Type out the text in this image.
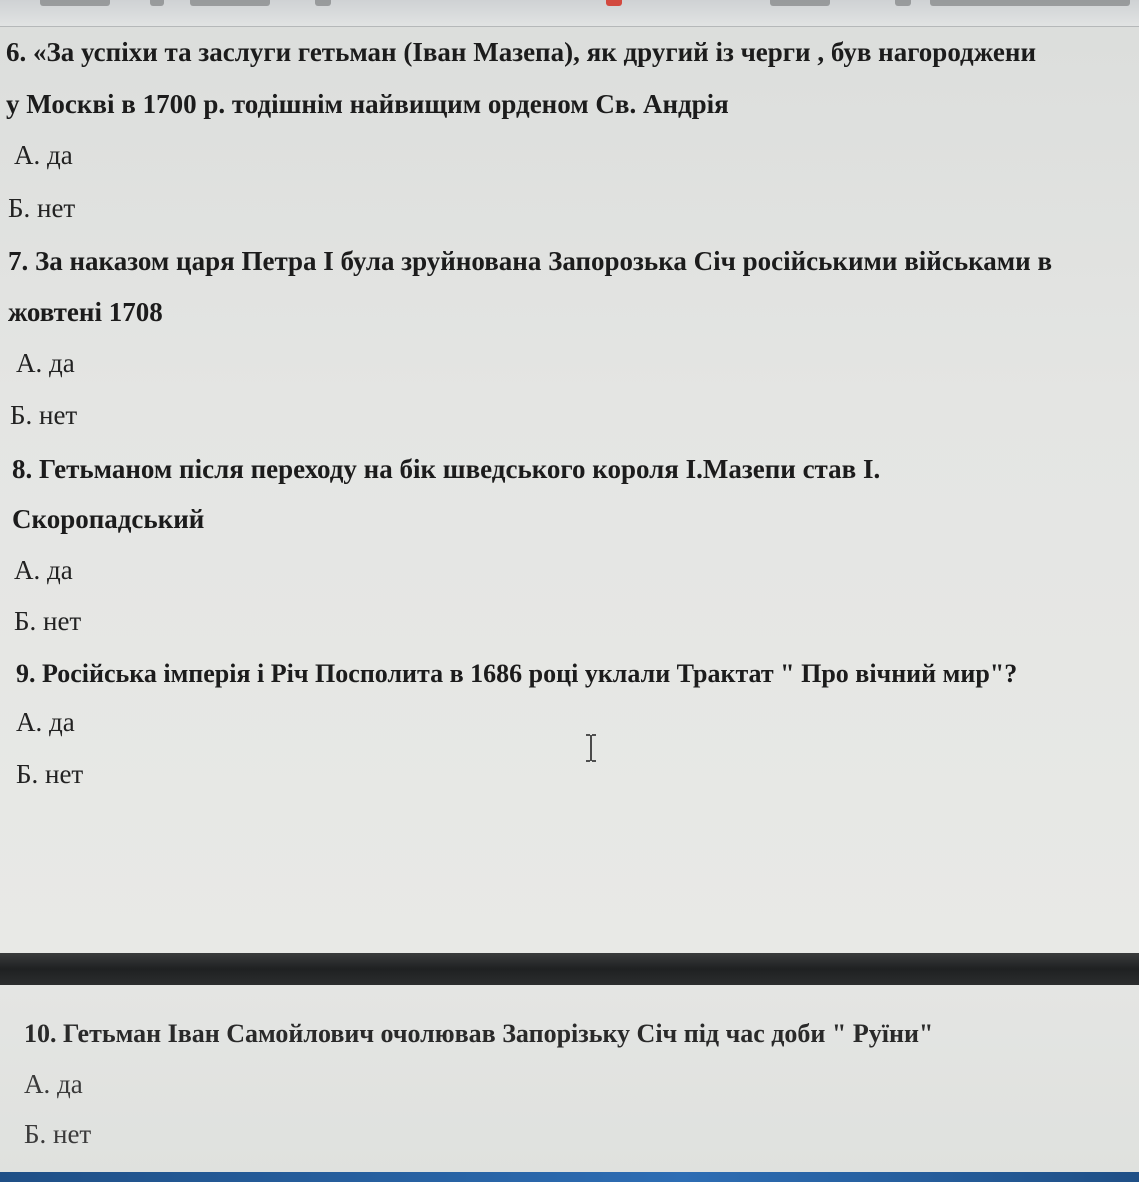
6. «За успіхи та заслуги гетьман (Іван Мазепа), як другий із черги , був нагороджени
у Москві в 1700 р. тодішнім найвищим орденом Св. Андрія
А. да
Б. нет
7. За наказом царя Петра І була зруйнована Запорозька Січ російськими військами в
жовтені 1708
А. да
Б. нет
8. Гетьманом після переходу на бік шведського короля І.Мазепи став І.
Скоропадський
А. да
Б. нет
9. Російська імперія і Річ Посполита в 1686 році уклали Трактат " Про вічний мир"?
А. да
Б. нет
10. Гетьман Іван Самойлович очолював Запорізьку Січ під час доби " Руїни"
А. да
Б. нет
